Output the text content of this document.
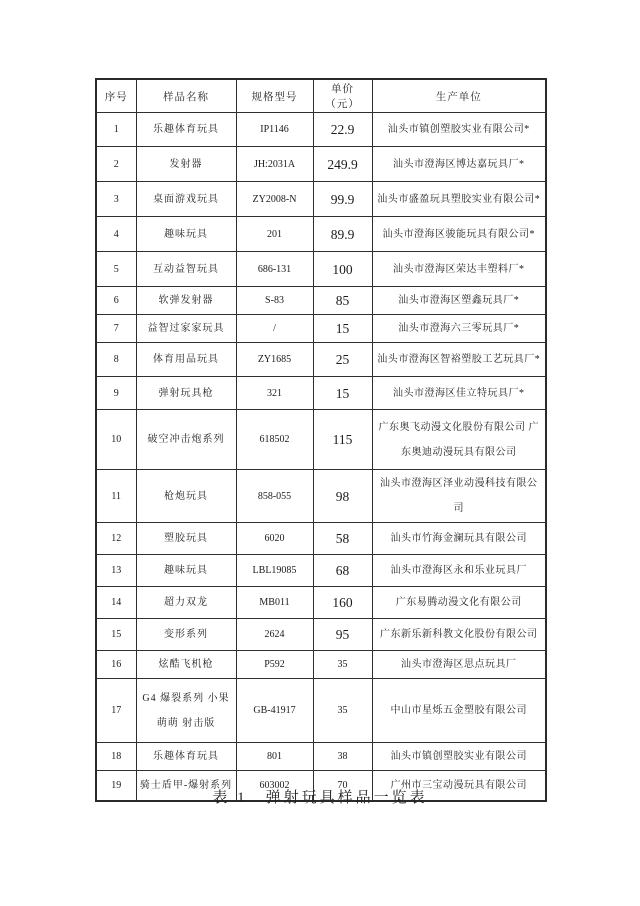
序号	样品名称	规格型号	单价（元）	生产单位
1	乐趣体育玩具	IP1146	22.9	汕头市镇创塑胶实业有限公司*
2	发射器	JH:2031A	249.9	汕头市澄海区博达嘉玩具厂*
3	桌面游戏玩具	ZY2008-N	99.9	汕头市盛盈玩具塑胶实业有限公司*
4	趣味玩具	201	89.9	汕头市澄海区骏能玩具有限公司*
5	互动益智玩具	686-131	100	汕头市澄海区荣达丰塑料厂*
6	软弹发射器	S-83	85	汕头市澄海区塑鑫玩具厂*
7	益智过家家玩具	/	15	汕头市澄海六三零玩具厂*
8	体育用品玩具	ZY1685	25	汕头市澄海区智裕塑胶工艺玩具厂*
9	弹射玩具枪	321	15	汕头市澄海区佳立特玩具厂*
10	破空冲击炮系列	618502	115	广东奥飞动漫文化股份有限公司 广东奥迪动漫玩具有限公司
11	枪炮玩具	858-055	98	汕头市澄海区泽业动漫科技有限公司
12	塑胶玩具	6020	58	汕头市竹海金澜玩具有限公司
13	趣味玩具	LBL19085	68	汕头市澄海区永和乐业玩具厂
14	超力双龙	MB011	160	广东易腾动漫文化有限公司
15	变形系列	2624	95	广东新乐新科教文化股份有限公司
16	炫酷飞机枪	P592	35	汕头市澄海区思点玩具厂
17	G4 爆裂系列 小果萌萌 射击版	GB-41917	35	中山市星烁五金塑胶有限公司
18	乐趣体育玩具	801	38	汕头市镇创塑胶实业有限公司
19	骑士盾甲-爆射系列	603002	70	广州市三宝动漫玩具有限公司
表 1　弹射玩具样品一览表
